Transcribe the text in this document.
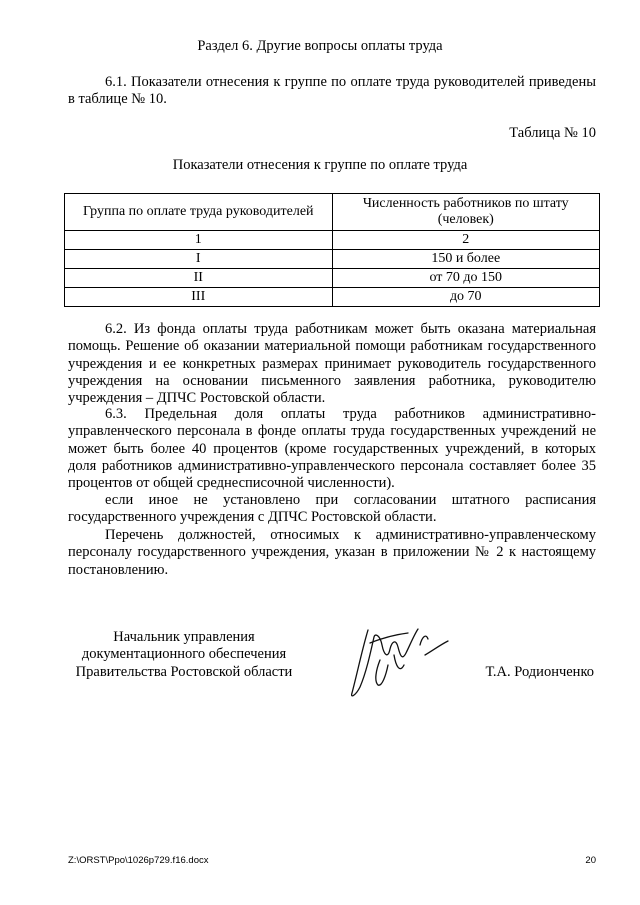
Раздел 6. Другие вопросы оплаты труда
6.1. Показатели отнесения к группе по оплате труда руководителей приведены в таблице № 10.
Таблица № 10
Показатели отнесения к группе по оплате труда
Группа по оплате труда руководителей	Численность работников по штату (человек)
1	2
I	150 и более
II	от 70 до 150
III	до 70
6.2. Из фонда оплаты труда работникам может быть оказана материальная помощь. Решение об оказании материальной помощи работникам государственного учреждения и ее конкретных размерах принимает руководитель государственного учреждения на основании письменного заявления работника, руководителю учреждения – ДПЧС Ростовской области.
6.3. Предельная доля оплаты труда работников административно-управленческого персонала в фонде оплаты труда государственных учреждений не может быть более 40 процентов (кроме государственных учреждений, в которых доля работников административно-управленческого персонала составляет более 35 процентов от общей среднесписочной численности).
если иное не установлено при согласовании штатного расписания государственного учреждения с ДПЧС Ростовской области.
Перечень должностей, относимых к административно-управленческому персоналу государственного учреждения, указан в приложении № 2 к настоящему постановлению.
Начальник управления
документационного обеспечения
Правительства Ростовской области	Т.А. Родионченко
Z:\ORST\Ppo\1026p729.f16.docx	20
